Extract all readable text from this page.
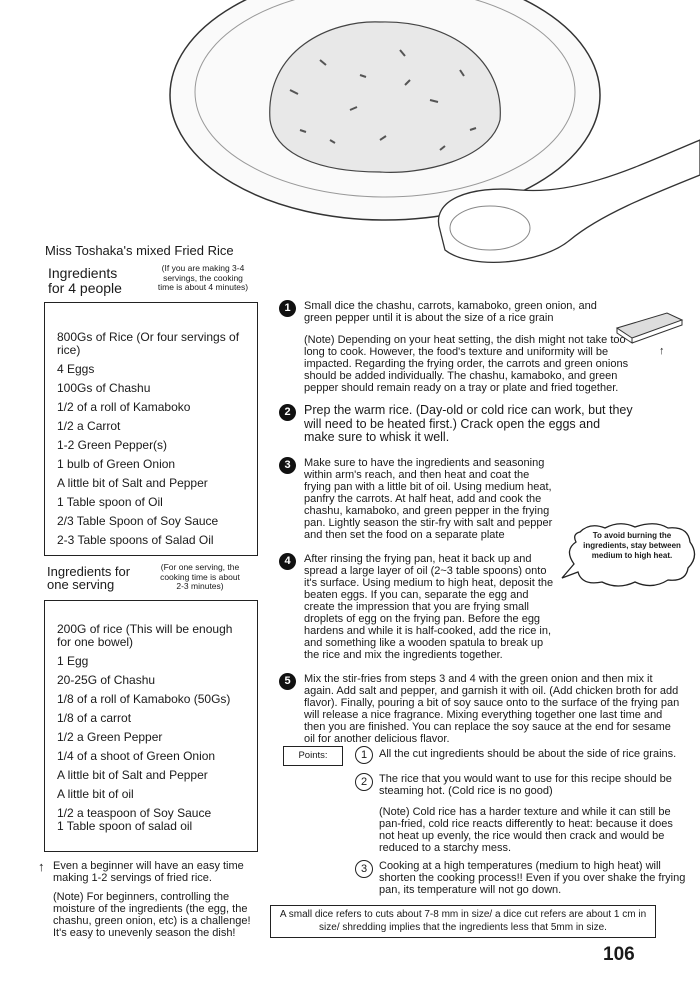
Miss Toshaka's mixed Fried Rice
Ingredients
for 4 people
(If you are making 3-4
servings, the cooking
time is about 4 minutes)
800Gs of Rice (Or four servings of rice)
4 Eggs
100Gs of Chashu
1/2 of a roll of Kamaboko
1/2 a Carrot
1-2 Green Pepper(s)
1 bulb of Green Onion
A little bit of Salt and Pepper
1 Table spoon of Oil
2/3 Table Spoon of Soy Sauce
2-3 Table spoons of Salad Oil
Ingredients for
one serving
(For one serving, the
cooking time is about
2-3 minutes)
200G of rice (This will be enough for one bowel)
1 Egg
20-25G of Chashu
1/8 of a roll of Kamaboko (50Gs)
1/8 of a carrot
1/2 a Green Pepper
1/4 of a shoot of Green Onion
A little bit of Salt and Pepper
A little bit of oil
1/2 a teaspoon of Soy Sauce
1 Table spoon of salad oil
↑ Even a beginner will have an easy time making 1-2 servings of fried rice.
(Note) For beginners, controlling the moisture of the ingredients (the egg, the chashu, green onion, etc) is a challenge! It's easy to unevenly season the dish!
1	Small dice the chashu, carrots, kamaboko, green onion, and green pepper until it is about the size of a rice grain
(Note) Depending on your heat setting, the dish might not take too long to cook. However, the food's texture and uniformity will be impacted. Regarding the frying order, the carrots and green onions should be added individually. The chashu, kamaboko, and green pepper should remain ready on a tray or plate and fried together.
2	Prep the warm rice. (Day-old or cold rice can work, but they will need to be heated first.) Crack open the eggs and make sure to whisk it well.
3	Make sure to have the ingredients and seasoning within arm's reach, and then heat and coat the frying pan with a little bit of oil. Using medium heat, panfry the carrots. At half heat, add and cook the chashu, kamaboko, and green pepper in the frying pan. Lightly season the stir-fry with salt and pepper and then set the food on a separate plate
4	After rinsing the frying pan, heat it back up and spread a large layer of oil (2~3 table spoons) onto it's surface. Using medium to high heat, deposit the beaten eggs. If you can, separate the egg and create the impression that you are frying small droplets of egg on the frying pan. Before the egg hardens and while it is half-cooked, add the rice in, and something like a wooden spatula to break up the rice and mix the ingredients together.
5	Mix the stir-fries from steps 3 and 4 with the green onion and then mix it again. Add salt and pepper, and garnish it with oil. (Add chicken broth for add flavor). Finally, pouring a bit of soy sauce onto to the surface of the frying pan will release a nice fragrance. Mixing everything together one last time and then you are finished. You can replace the soy sauce at the end for sesame oil for another delicious flavor.
↑
To avoid burning the ingredients, stay between medium to high heat.
Points:	1	All the cut ingredients should be about the side of rice grains.
2	The rice that you would want to use for this recipe should be steaming hot. (Cold rice is no good)
(Note) Cold rice has a harder texture and while it can still be pan-fried, cold rice reacts differently to heat: because it does not heat up evenly, the rice would then crack and would be reduced to a starchy mess.
3	Cooking at a high temperatures (medium to high heat) will shorten the cooking process!! Even if you over shake the frying pan, its temperature will not go down.
A small dice refers to cuts about 7-8 mm in size/ a dice cut refers are about 1 cm in size/ shredding implies that the ingredients less that 5mm in size.
106
